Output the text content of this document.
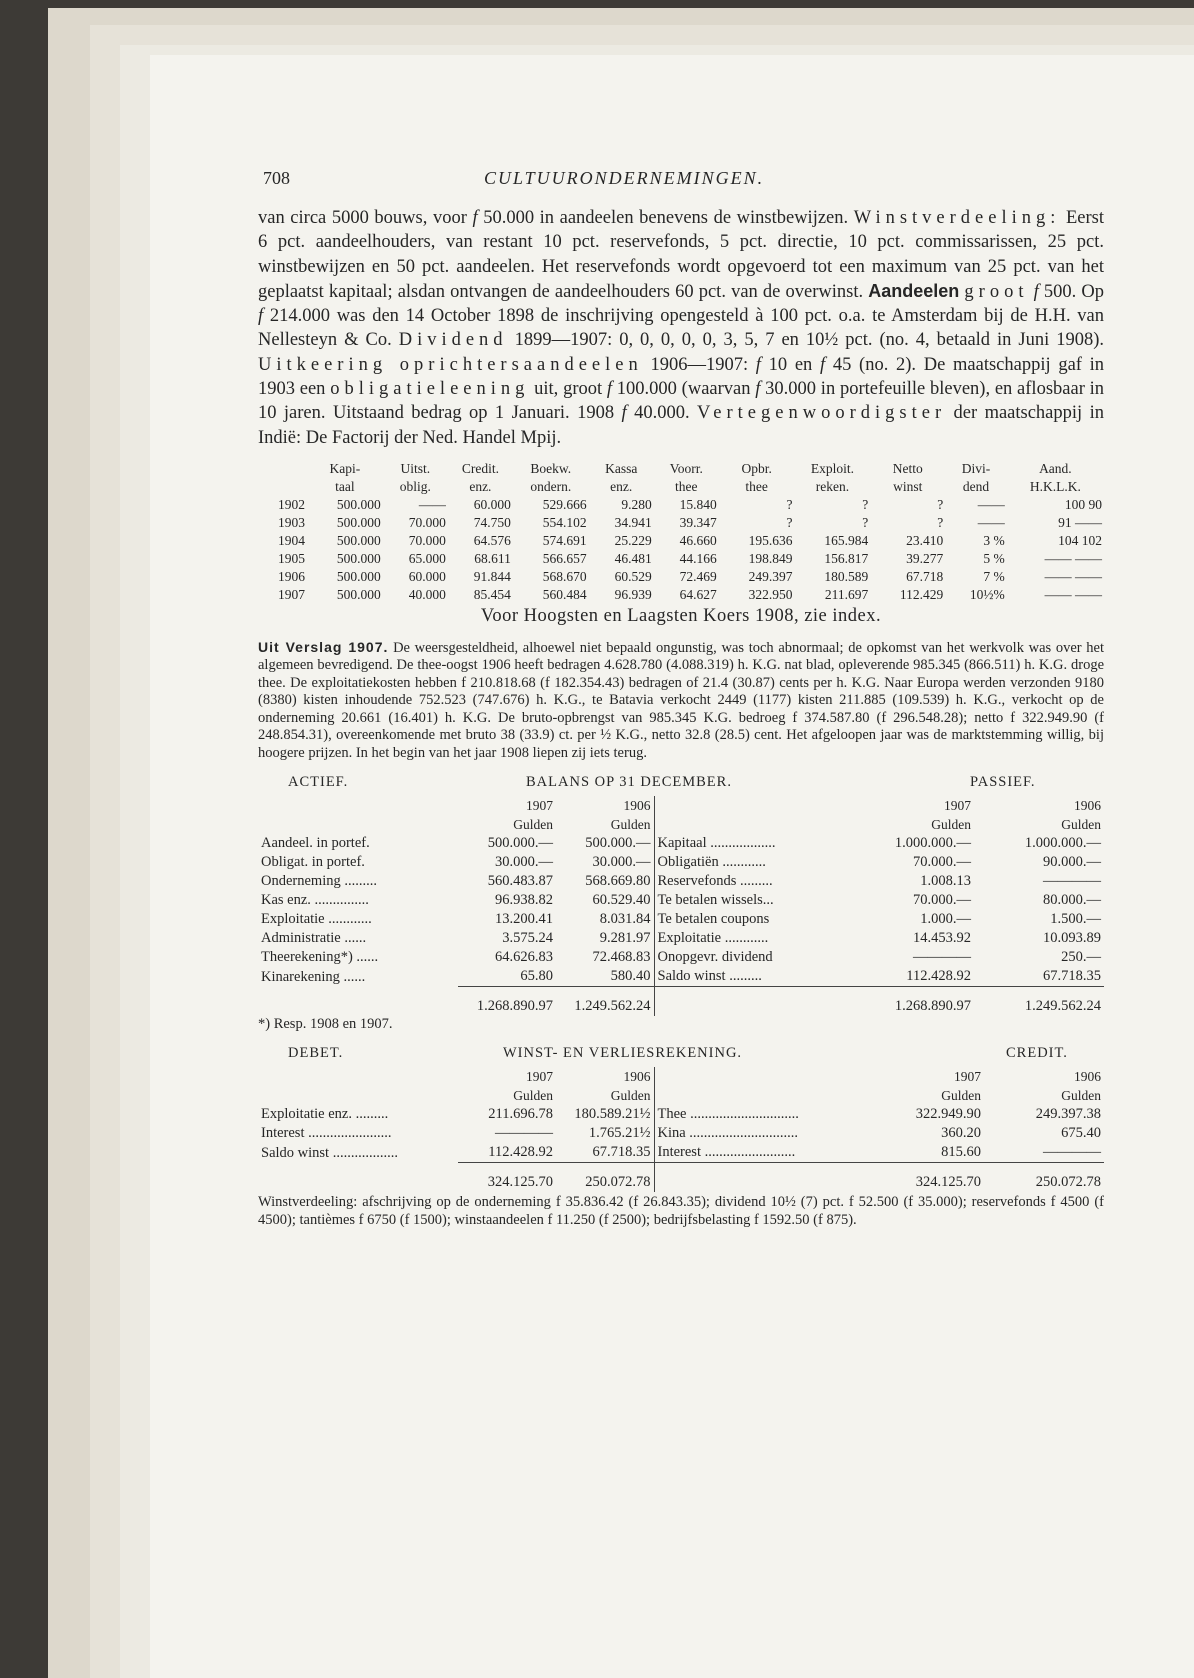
708	CULTUURONDERNEMINGEN.
van circa 5000 bouws, voor f 50.000 in aandeelen benevens de winstbewijzen. Winstverdeeling: Eerst 6 pct. aandeelhouders, van restant 10 pct. reservefonds, 5 pct. directie, 10 pct. commissarissen, 25 pct. winstbewijzen en 50 pct. aandeelen. Het reservefonds wordt opgevoerd tot een maximum van 25 pct. van het geplaatst kapitaal; alsdan ontvangen de aandeelhouders 60 pct. van de overwinst. Aandeelen groot f 500. Op f 214.000 was den 14 October 1898 de inschrijving opengesteld à 100 pct. o.a. te Amsterdam bij de H.H. van Nellesteyn & Co. Dividend 1899—1907: 0, 0, 0, 0, 0, 3, 5, 7 en 10½ pct. (no. 4, betaald in Juni 1908). Uitkeering oprichtersaandeelen 1906—1907: f 10 en f 45 (no. 2). De maatschappij gaf in 1903 een obligatieleening uit, groot f 100.000 (waarvan f 30.000 in portefeuille bleven), en aflosbaar in 10 jaren. Uitstaand bedrag op 1 Januari. 1908 f 40.000. Vertegenwoordigster der maatschappij in Indië: De Factorij der Ned. Handel Mpij.
	Kapi-	Uitst.	Credit.	Boekw.	Kassa	Voorr.	Opbr.	Exploit.	Netto	Divi-	Aand.
	taal	oblig.	enz.	ondern.	enz.	thee	thee	reken.	winst	dend	H.K.L.K.
1902	500.000	——	60.000	529.666	9.280	15.840	?	?	?	——	100 90
1903	500.000	70.000	74.750	554.102	34.941	39.347	?	?	?	——	91 ——
1904	500.000	70.000	64.576	574.691	25.229	46.660	195.636	165.984	23.410	3 %	104 102
1905	500.000	65.000	68.611	566.657	46.481	44.166	198.849	156.817	39.277	5 %	—— ——
1906	500.000	60.000	91.844	568.670	60.529	72.469	249.397	180.589	67.718	7 %	—— ——
1907	500.000	40.000	85.454	560.484	96.939	64.627	322.950	211.697	112.429	10½%	—— ——
Voor Hoogsten en Laagsten Koers 1908, zie index.
Uit Verslag 1907. De weersgesteldheid, alhoewel niet bepaald ongunstig, was toch abnormaal; de opkomst van het werkvolk was over het algemeen bevredigend. De thee-oogst 1906 heeft bedragen 4.628.780 (4.088.319) h. K.G. nat blad, opleverende 985.345 (866.511) h. K.G. droge thee. De exploitatiekosten hebben f 210.818.68 (f 182.354.43) bedragen of 21.4 (30.87) cents per h. K.G. Naar Europa werden verzonden 9180 (8380) kisten inhoudende 752.523 (747.676) h. K.G., te Batavia verkocht 2449 (1177) kisten 211.885 (109.539) h. K.G., verkocht op de onderneming 20.661 (16.401) h. K.G. De bruto-opbrengst van 985.345 K.G. bedroeg f 374.587.80 (f 296.548.28); netto f 322.949.90 (f 248.854.31), overeenkomende met bruto 38 (33.9) ct. per ½ K.G., netto 32.8 (28.5) cent. Het afgeloopen jaar was de marktstemming willig, bij hoogere prijzen. In het begin van het jaar 1908 liepen zij iets terug.
ACTIEF.	BALANS OP 31 DECEMBER.	PASSIEF.
	1907	1906		1907	1906
	Gulden	Gulden		Gulden	Gulden
Aandeel. in portef.	500.000.—	500.000.—	Kapitaal ..................	1.000.000.—	1.000.000.—
Obligat. in portef.	30.000.—	30.000.—	Obligatiën ............	70.000.—	90.000.—
Onderneming .........	560.483.87	568.669.80	Reservefonds .........	1.008.13	————
Kas enz. ...............	96.938.82	60.529.40	Te betalen wissels...	70.000.—	80.000.—
Exploitatie ............	13.200.41	8.031.84	Te betalen coupons	1.000.—	1.500.—
Administratie ......	3.575.24	9.281.97	Exploitatie ............	14.453.92	10.093.89
Theerekening*) ......	64.626.83	72.468.83	Onopgevr. dividend	————	250.—
Kinarekening ......	65.80	580.40	Saldo winst .........	112.428.92	67.718.35
	1.268.890.97	1.249.562.24		1.268.890.97	1.249.562.24
*) Resp. 1908 en 1907.
DEBET.	WINST- EN VERLIESREKENING.	CREDIT.
	1907	1906		1907	1906
	Gulden	Gulden		Gulden	Gulden
Exploitatie enz. .........	211.696.78	180.589.21½	Thee ..............................	322.949.90	249.397.38
Interest .......................	————	1.765.21½	Kina ..............................	360.20	675.40
Saldo winst ..................	112.428.92	67.718.35	Interest .........................	815.60	————
	324.125.70	250.072.78		324.125.70	250.072.78
Winstverdeeling: afschrijving op de onderneming f 35.836.42 (f 26.843.35); dividend 10½ (7) pct. f 52.500 (f 35.000); reservefonds f 4500 (f 4500); tantièmes f 6750 (f 1500); winstaandeelen f 11.250 (f 2500); bedrijfsbelasting f 1592.50 (f 875).
